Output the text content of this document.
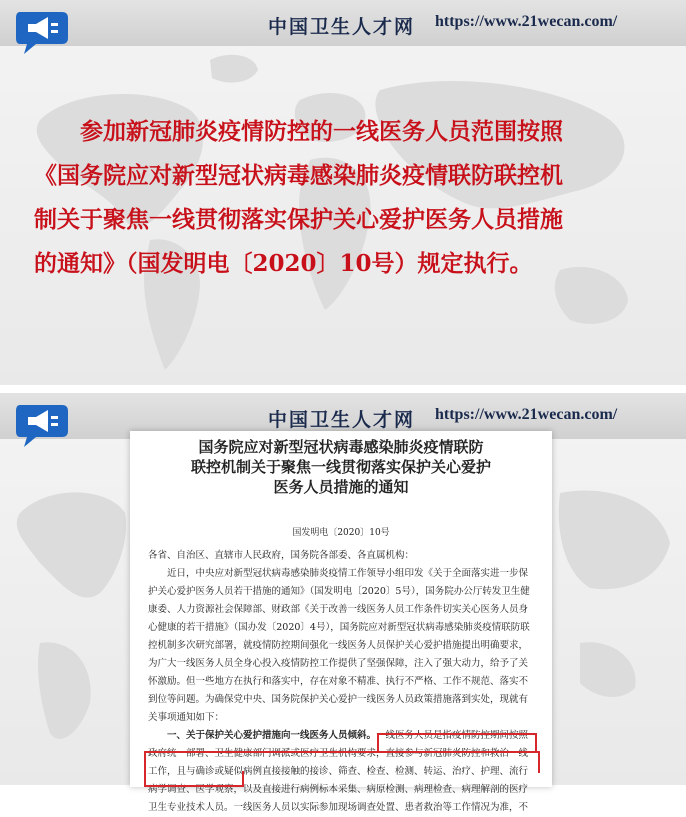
中国卫生人才网 https://www.21wecan.com/

参加新冠肺炎疫情防控的一线医务人员范围按照

《国务院应对新型冠状病毒感染肺炎疫情联防联控机

制关于聚焦一线贯彻落实保护关心爱护医务人员措施

的通知》（国发明电〔2020〕10号）规定执行。

中国卫生人才网 https://www.21wecan.com/
国务院应对新型冠状病毒感染肺炎疫情联防
联控机制关于聚焦一线贯彻落实保护关心爱护
医务人员措施的通知
国发明电〔2020〕10号
各省、自治区、直辖市人民政府，国务院各部委、各直属机构：
近日，中央应对新型冠状病毒感染肺炎疫情工作领导小组印发《关于全面落实进一步保
护关心爱护医务人员若干措施的通知》（国发明电〔2020〕5号），国务院办公厅转发卫生健
康委、人力资源社会保障部、财政部《关于改善一线医务人员工作条件切实关心医务人员身
心健康的若干措施》（国办发〔2020〕4号），国务院应对新型冠状病毒感染肺炎疫情联防联
控机制多次研究部署，就疫情防控期间强化一线医务人员保护关心爱护措施提出明确要求，
为广大一线医务人员全身心投入疫情防控工作提供了坚强保障，注入了强大动力，给予了关
怀激励。但一些地方在执行和落实中，存在对象不精准、执行不严格、工作不规范、落实不
到位等问题。为确保党中央、国务院保护关心爱护一线医务人员政策措施落到实处，现就有
关事项通知如下：
一、关于保护关心爱护措施向一线医务人员倾斜。一线医务人员是指疫情防控期间按照
政府统一部署、卫生健康部门调派或医疗卫生机构要求，直接参与新冠肺炎防控和救治一线
工作，且与确诊或疑似病例直接接触的接诊、筛查、检查、检测、转运、治疗、护理、流行
病学调查、医学观察，以及直接进行病例标本采集、病原检测、病理检查、病理解剖的医疗
卫生专业技术人员。一线医务人员以实际参加现场调查处置、患者救治等工作情况为准，不
